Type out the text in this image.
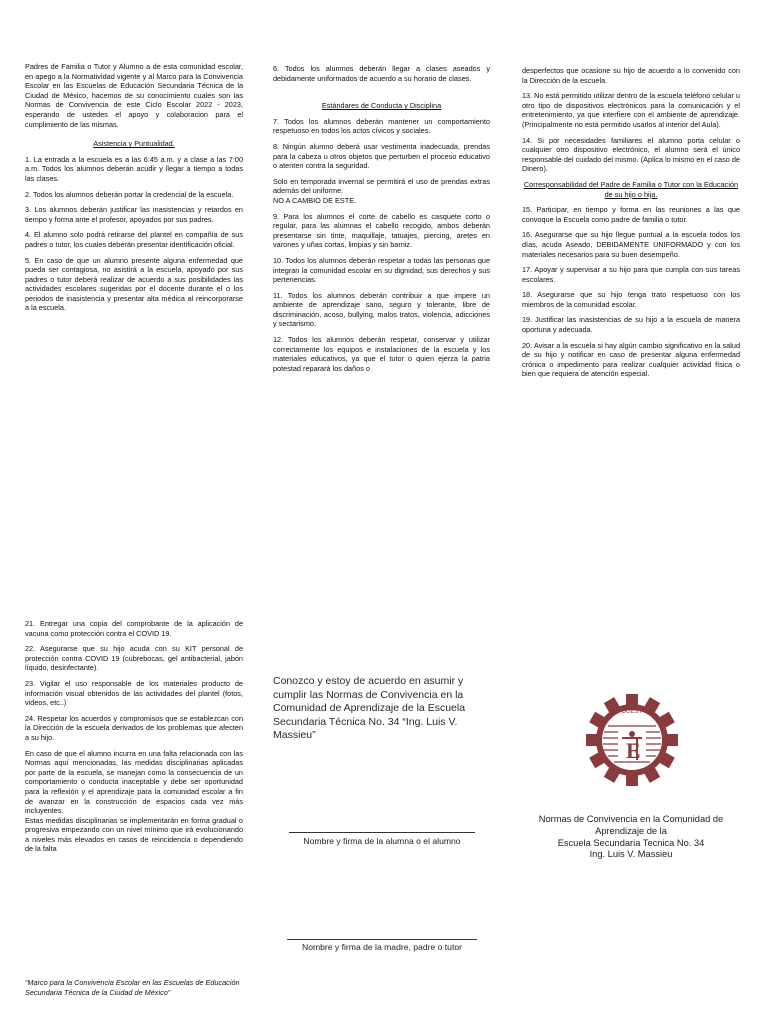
Padres de Familia o Tutor y Alumno a de esta comunidad escolar, en apego a la Normatividad vigente y al Marco para la Convivencia Escolar en las Escuelas de Educación Secundaria Técnica de la Ciudad de México, hacemos de su conocimiento cuales son las Normas de Convivencia de este Ciclo Escolar 2022 - 2023, esperando de ustedes el apoyo y colaboracion para el cumplimiento de las mismas.

Asistencia y Puntualidad.

1. La entrada a la escuela es a las 6:45 a.m. y a clase a las 7:00 a.m. Todos los alumnos deberán acudir y llegar a tiempo a todas las clases.

2. Todos los alumnos deberán portar la credencial de la escuela.

3. Los alumnos deberán justificar las inasistencias y retardos en tiempo y forma ante el profesor, apoyados por sus padres.

4. El alumno solo podrá retirarse del plantel en compañía de sus padres o tutor, los cuales deberán presentar identificación oficial.

5. En caso de que un alumno presente alguna enfermedad que pueda ser contagiosa, no asistirá a la escuela, apoyado por sus padres o tutor deberá realizar de acuerdo a sus posibilidades las actividades escolares sugeridas por el docente durante el o los periodos de inasistencia y presentar alta médica al reincorporarse a la escuela.

6. Todos los alumnos deberán llegar a clases aseados y debidamente uniformados de acuerdo a su horario de clases.

Estándares de Conducta y Disciplina

7. Todos los alumnos deberán mantener un comportamiento respetuoso en todos los actos cívicos y sociales.

8. Ningún alumno deberá usar vestimenta inadecuada, prendas para la cabeza u otros objetos que perturben el proceso educativo o atenten contra la seguridad.

Solo en temporada invernal se permitirá el uso de prendas extras además del uniforme.

NO A CAMBIO DE ESTE.

9. Para los alumnos el corte de cabello es casquete corto o regular, para las alumnas el cabello recogido, ambos deberán presentarse sin tinte, maquillaje, tatuajes, piercing, aretes en varones y uñas cortas, limpias y sin barniz.

10. Todos los alumnos deberán respetar a todas las personas que integran la comunidad escolar en su dignidad, sus derechos y sus pertenencias.

11. Todos los alumnos deberán contribuir a que impere un ambiente de aprendizaje sano, seguro y tolerante, libre de discriminación, acoso, bullying, malos tratos, violencia, adicciones y sectarismo.

12. Todos los alumnos deberán respetar, conservar y utilizar correctamente los equipos e instalaciones de la escuela y los materiales educativos, ya que el tutor o quien ejerza la patria potestad reparará los daños o

desperfectos que ocasione su hijo de acuerdo a lo convenido con la Dirección de la escuela.

13. No está permitido utilizar dentro de la escuela teléfono celular u otro tipo de dispositivos electrónicos para la comunicación y el entretenimiento, ya que interfiere con el ambiente de aprendizaje.(Principalmente no está permitido usarlos al interior del Aula).

14. Si por necesidades familiares el alumno porta celular o cualquier otro dispositivo electrónico, el alumno será el único responsable del cuidado del mismo. (Aplica lo mismo en el caso de Dinero).

Corresponsabilidad del Padre de Familia o Tutor con la Educación de su hijo o hija.

15. Participar, en tiempo y forma en las reuniones a las que convoque la Escuela como padre de familia o tutor.

16. Asegurarse que su hijo llegue puntual a la escuela todos los días, acuda Aseado, DEBIDAMENTE UNIFORMADO y con los materiales necesarios para su buen desempeño.

17. Apoyar y supervisar a su hijo para que cumpla con sus tareas escolares.

18. Asegurarse que su hijo tenga trato respetuoso con los miembros de la comunidad escolar.

19. Justificar las inasistencias de su hijo a la escuela de manera oportuna y adecuada.

20. Avisar a la escuela si hay algún cambio significativo en la salud de su hijo y notificar en caso de presentar alguna enfermedad crónica o impedimento para realizar cualquier actividad física o bien que requiera de atención especial.

21. Entregar una copia del comprobante de la aplicación de vacuna como protección contra el COVID 19.

22. Asegurarse que su hijo acuda con su KIT personal de protección contra COVID 19 (cubrebocas, gel antibacterial, jabón líquido, desinfectante).

23. Vigilar el uso responsable de los materiales producto de información visual obtenidos de las actividades del plantel (fotos, videos, etc..)

24. Respetar los acuerdos y compromisos que se establezcan con la Dirección de la escuela derivados de los problemas que afecten a su hijo.

En caso de que el alumno incurra en una falta relacionada con las Normas aquí mencionadas, las medidas disciplinarias aplicadas por parte de la escuela, se manejan como la consecuencia de un comportamiento o conducta inaceptable y debe ser oportunidad para la reflexión y el aprendizaje para la comunidad escolar a fin de avanzar en la construcción de espacios cada vez más incluyentes.

Estas medidas disciplinarias se implementarán en forma gradual o progresiva empezando con un nivel mínimo que irá evolucionando a niveles más elevados en casos de reincidencia o dependiendo de la falta

Conozco y estoy de acuerdo en asumir y cumplir las Normas de Convivencia en la Comunidad de Aprendizaje de la Escuela Secundaria Técnica No. 34 “Ing. Luis V. Massieu”
Nombre y firma de la alumna o el alumno
Nombre y firma de la madre, padre o tutor
E
DGEST
Normas de Convivencia en la Comunidad de
Aprendizaje de la
Escuela Secundaria Tecnica No. 34
Ing. Luis V. Massieu
“Marco para la Convivencia Escolar en las Escuelas de Educación Secundaria Técnica de la Ciudad de México”
